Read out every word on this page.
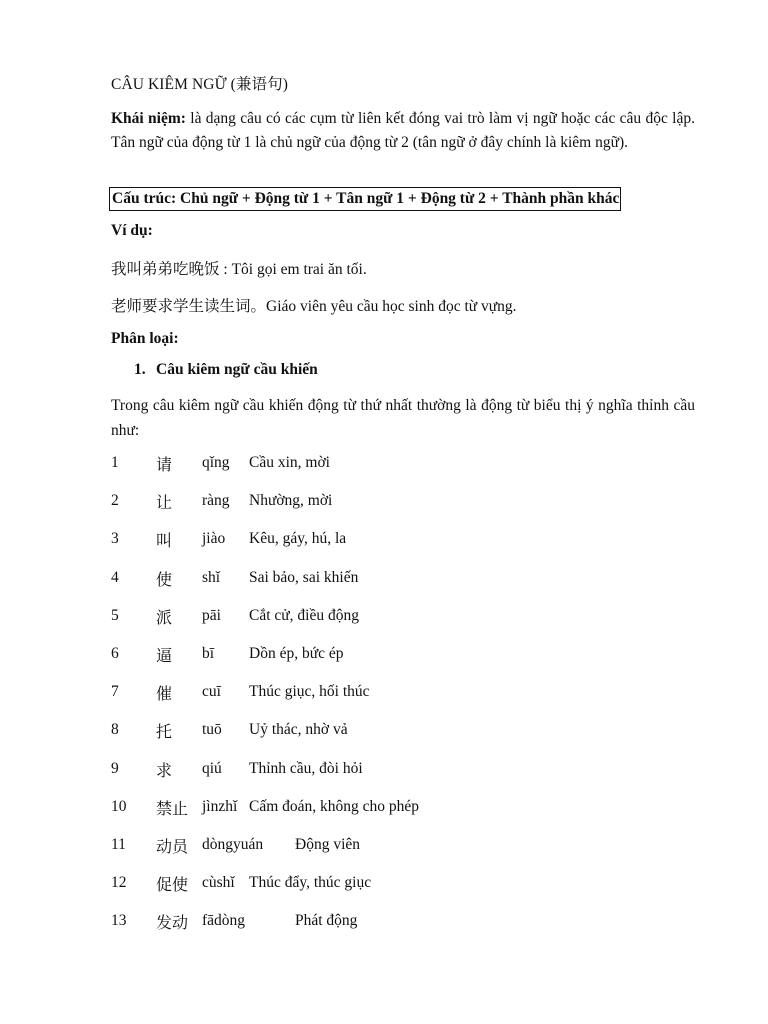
CÂU KIÊM NGỮ (兼语句)
Khái niệm: là dạng câu có các cụm từ liên kết đóng vai trò làm vị ngữ hoặc các câu độc lập. Tân ngữ của động từ 1 là chủ ngữ của động từ 2 (tân ngữ ở đây chính là kiêm ngữ).
Cấu trúc: Chủ ngữ + Động từ 1 + Tân ngữ 1 + Động từ 2 + Thành phần khác
Ví dụ:
我叫弟弟吃晚饭 : Tôi gọi em trai ăn tối.
老师要求学生读生词。Giáo viên yêu cầu học sinh đọc từ vựng.
Phân loại:
1. Câu kiêm ngữ cầu khiến
Trong câu kiêm ngữ cầu khiến động từ thứ nhất thường là động từ biểu thị ý nghĩa thỉnh cầu như:
1 请 qǐng Cầu xin, mời
2 让 ràng Nhường, mời
3 叫 jiào Kêu, gáy, hú, la
4 使 shǐ Sai bảo, sai khiến
5 派 pāi Cắt cử, điều động
6 逼 bī Dồn ép, bức ép
7 催 cuī Thúc giục, hối thúc
8 托 tuō Uỷ thác, nhờ vả
9 求 qiú Thỉnh cầu, đòi hỏi
10 禁止 jìnzhǐ Cấm đoán, không cho phép
11 动员 dòngyuán Động viên
12 促使 cùshǐ Thúc đẩy, thúc giục
13 发动 fādòng	Phát động
